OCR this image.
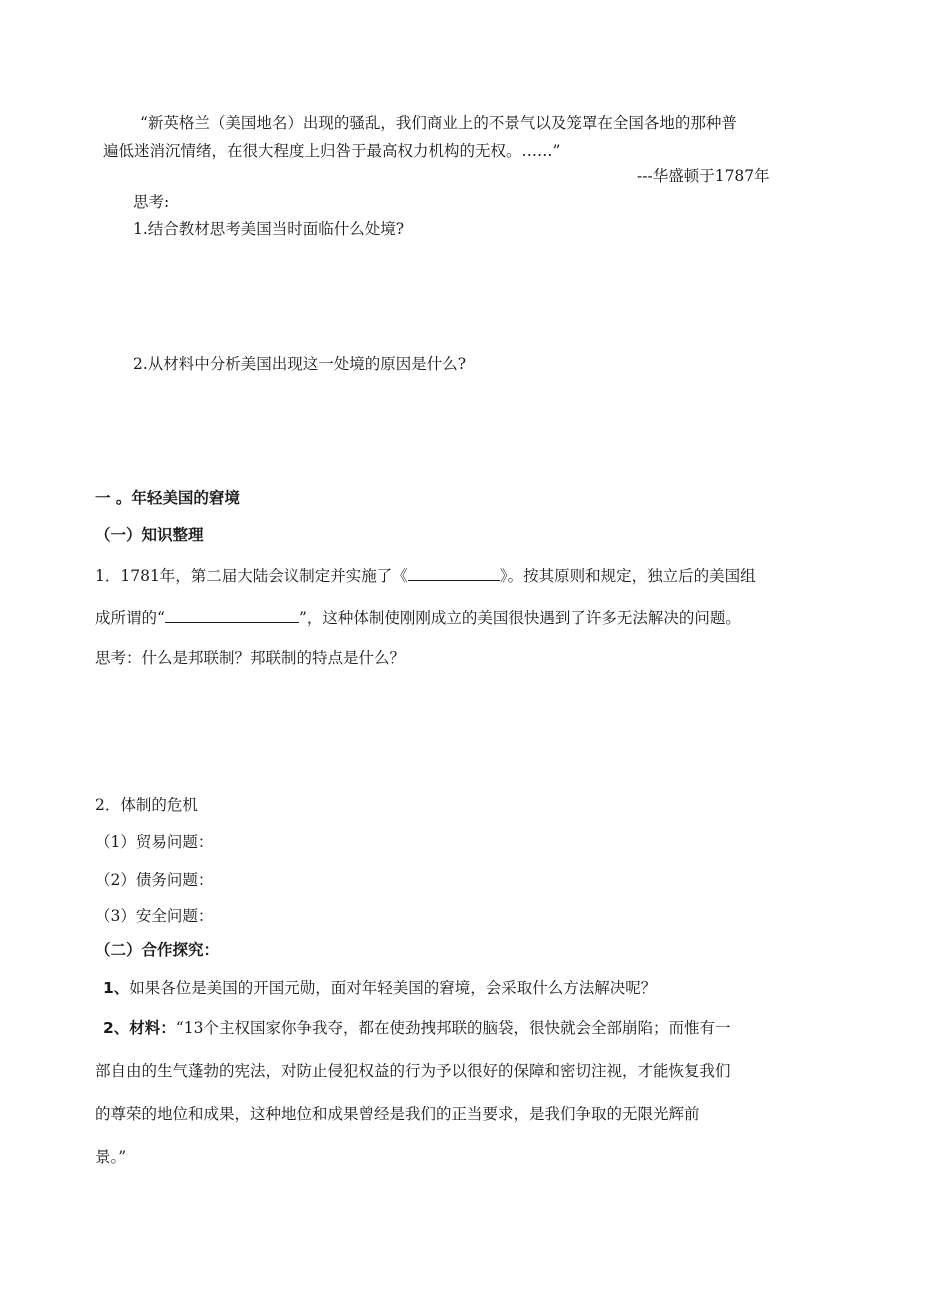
“新英格兰（美国地名）出现的骚乱，我们商业上的不景气以及笼罩在全国各地的那种普
遍低迷消沉情绪，在很大程度上归咎于最高权力机构的无权。……”
---华盛顿于1787年
思考:
1.结合教材思考美国当时面临什么处境?
2.从材料中分析美国出现这一处境的原因是什么?
一 。年轻美国的窘境
（一）知识整理
1．1781年，第二届大陆会议制定并实施了《	》。按其原则和规定，独立后的美国组
成所谓的“	”，这种体制使刚刚成立的美国很快遇到了许多无法解决的问题。
思考：什么是邦联制？邦联制的特点是什么？
2．体制的危机
（1）贸易问题：
（2）债务问题：
（3）安全问题：
（二）合作探究：
1、如果各位是美国的开国元勋，面对年轻美国的窘境，会采取什么方法解决呢？
2、材料：“13个主权国家你争我夺，都在使劲拽邦联的脑袋，很快就会全部崩陷；而惟有一
部自由的生气蓬勃的宪法，对防止侵犯权益的行为予以很好的保障和密切注视，才能恢复我们
的尊荣的地位和成果，这种地位和成果曾经是我们的正当要求，是我们争取的无限光辉前
景。”
